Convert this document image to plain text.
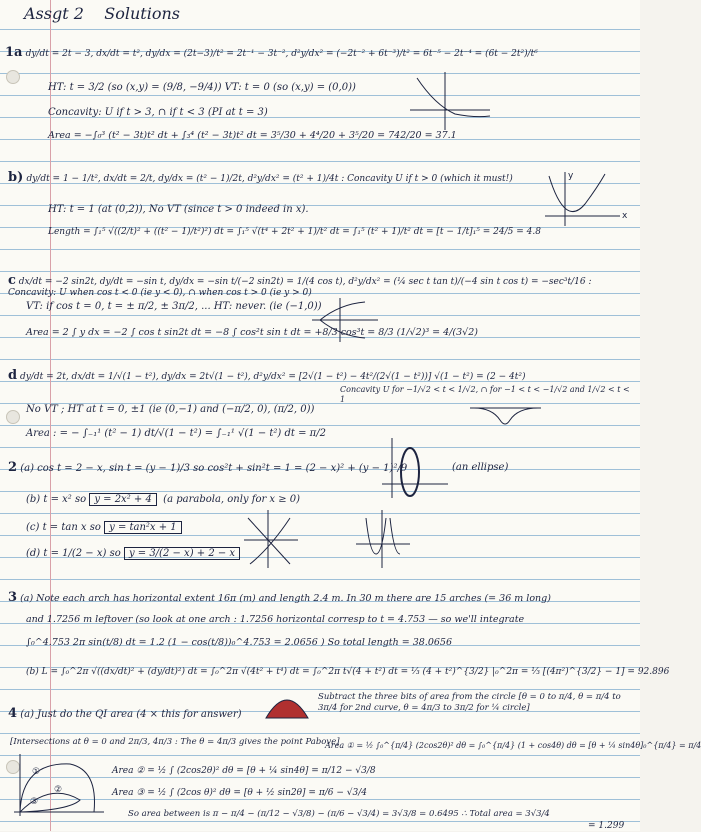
Assgt 2 Solutions
1a dy/dt = 2t − 3, dx/dt = t², dy/dx = (2t−3)/t² = 2t⁻¹ − 3t⁻², d²y/dx² = (−2t⁻² + 6t⁻³)/t² = 6t⁻⁵ − 2t⁻⁴ = (6t − 2t²)/t⁶
HT: t = 3/2 (so (x,y) = (9/8, −9/4)) VT: t = 0 (so (x,y) = (0,0))
Concavity: U if t > 3, ∩ if t < 3 (PI at t = 3)
Area = −∫₀³ (t² − 3t)t² dt + ∫₃⁴ (t² − 3t)t² dt = 3⁵/30 + 4⁴/20 + 3⁵/20 = 742/20 = 37.1
b) dy/dt = 1 − 1/t², dx/dt = 2/t, dy/dx = (t² − 1)/2t, d²y/dx² = (t² + 1)/4t : Concavity U if t > 0 (which it must!)
HT: t = 1 (at (0,2)), No VT (since t > 0 indeed in x).
Length = ∫₁⁵ √((2/t)² + ((t² − 1)/t²)²) dt = ∫₁⁵ √(t⁴ + 2t² + 1)/t² dt = ∫₁⁵ (t² + 1)/t² dt = [t − 1/t]₁⁵ = 24/5 = 4.8
x
y
c dx/dt = −2 sin2t, dy/dt = −sin t, dy/dx = −sin t/(−2 sin2t) = 1/(4 cos t), d²y/dx² = (¼ sec t tan t)/(−4 sin t cos t) = −sec³t/16 : Concavity: U when cos t < 0 (ie y < 0), ∩ when cos t > 0 (ie y > 0)
VT: if cos t = 0, t = ± π/2, ± 3π/2, ... HT: never. (ie (−1,0))
Area = 2 ∫ y dx = −2 ∫ cos t sin2t dt = −8 ∫ cos²t sin t dt = +8/3 cos³t = 8/3 (1/√2)³ = 4/(3√2)
d dy/dt = 2t, dx/dt = 1/√(1 − t²), dy/dx = 2t√(1 − t²), d²y/dx² = [2√(1 − t²) − 4t²/(2√(1 − t²))] √(1 − t²) = (2 − 4t²)
Concavity U for −1/√2 < t < 1/√2, ∩ for −1 < t < −1/√2 and 1/√2 < t < 1
No VT ; HT at t = 0, ±1 (ie (0,−1) and (−π/2, 0), (π/2, 0))
Area : = − ∫₋₁¹ (t² − 1) dt/√(1 − t²) = ∫₋₁¹ √(1 − t²) dt = π/2
2 (a) cos t = 2 − x, sin t = (y − 1)/3 so cos²t + sin²t = 1 = (2 − x)² + (y − 1)²/9	(an ellipse)
(b) t = x² so y = 2x² + 4 (a parabola, only for x ≥ 0)
(c) t = tan x so y = tan²x + 1
(d) t = 1/(2 − x) so y = 3/(2 − x) + 2 − x
3 (a) Note each arch has horizontal extent 16π (m) and length 2.4 m. In 30 m there are 15 arches (= 36 m long)
and 1.7256 m leftover (so look at one arch : 1.7256 horizontal corresp to t = 4.753 — so we'll integrate
∫₀^4.753 2π sin(t/8) dt = 1.2 (1 − cos(t/8))₀^4.753 = 2.0656 ) So total length = 38.0656
(b) L = ∫₀^2π √((dx/dt)² + (dy/dt)²) dt = ∫₀^2π √(4t² + t⁴) dt = ∫₀^2π t√(4 + t²) dt = ⅓ (4 + t²)^{3/2} |₀^2π = ⅓ [(4π²)^{3/2} − 1] = 92.896
4 (a) Just do the QI area (4 × this for answer)
Subtract the three bits of area from the circle [θ = 0 to π/4, θ = π/4 to 3π/4 for 2nd curve, θ = 4π/3 to 3π/2 for ¼ circle]
[Intersections at θ = 0 and 2π/3, 4π/3 : The θ = 4π/3 gives the point Pabove]
Area ① = ½ ∫₀^{π/4} (2cos2θ)² dθ = ∫₀^{π/4} (1 + cos4θ) dθ = [θ + ¼ sin4θ]₀^{π/4} = π/4
Area ② = ½ ∫ (2cos2θ)² dθ = [θ + ¼ sin4θ] = π/12 − √3/8
Area ③ = ½ ∫ (2cos θ)² dθ = [θ + ½ sin2θ] = π/6 − √3/4
So area between is π − π/4 − (π/12 − √3/8) − (π/6 − √3/4) = 3√3/8 = 0.6495 ∴ Total area = 3√3/4
= 1.299
①
②
③
